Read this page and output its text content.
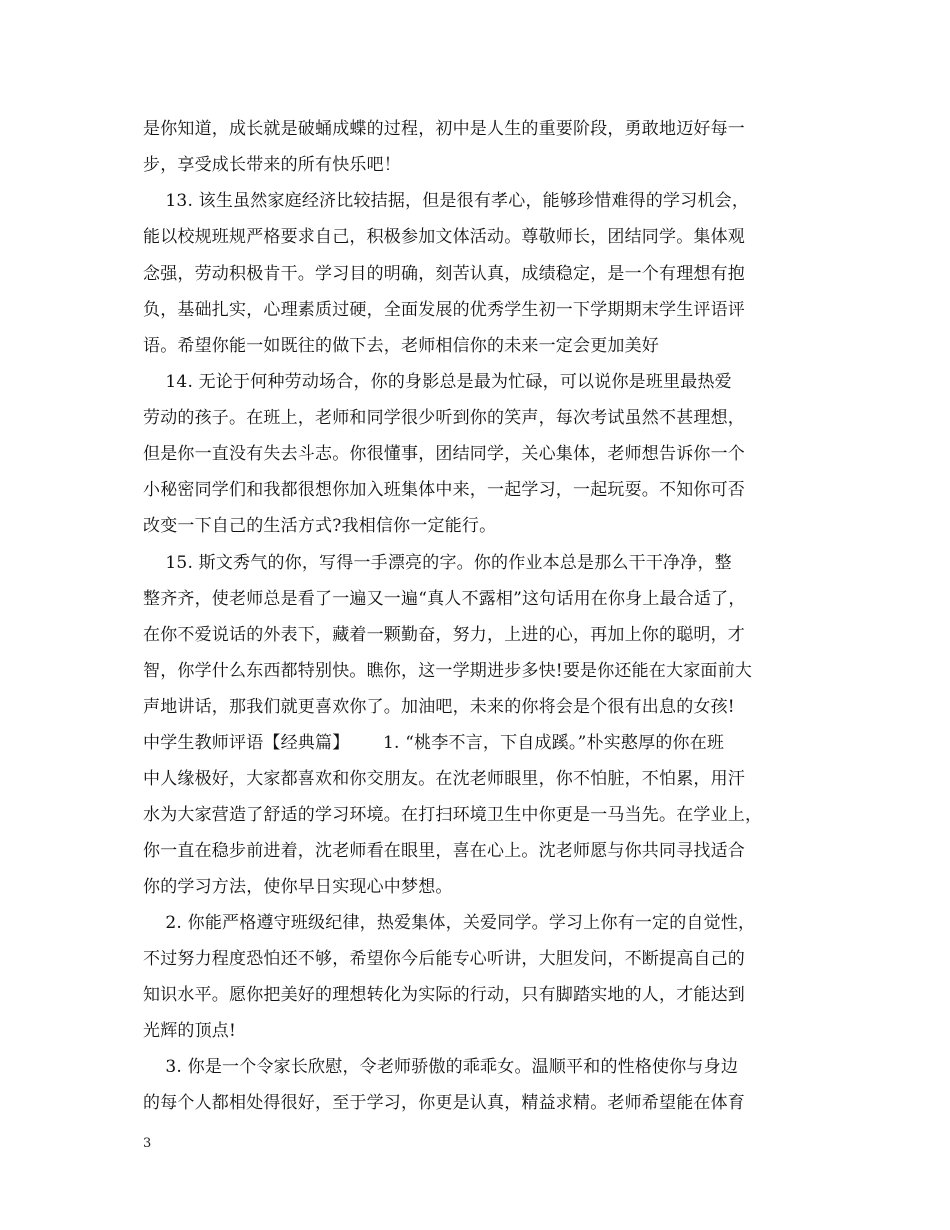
是你知道，成长就是破蛹成蝶的过程，初中是人生的重要阶段，勇敢地迈好每一
步，享受成长带来的所有快乐吧！
13. 该生虽然家庭经济比较拮据，但是很有孝心，能够珍惜难得的学习机会，
能以校规班规严格要求自己，积极参加文体活动。尊敬师长，团结同学。集体观
念强，劳动积极肯干。学习目的明确，刻苦认真，成绩稳定，是一个有理想有抱
负，基础扎实，心理素质过硬，全面发展的优秀学生初一下学期期末学生评语评
语。希望你能一如既往的做下去，老师相信你的未来一定会更加美好
14. 无论于何种劳动场合，你的身影总是最为忙碌，可以说你是班里最热爱
劳动的孩子。在班上，老师和同学很少听到你的笑声，每次考试虽然不甚理想，
但是你一直没有失去斗志。你很懂事，团结同学，关心集体，老师想告诉你一个
小秘密同学们和我都很想你加入班集体中来，一起学习，一起玩耍。不知你可否
改变一下自己的生活方式?我相信你一定能行。
15. 斯文秀气的你，写得一手漂亮的字。你的作业本总是那么干干净净，整
整齐齐，使老师总是看了一遍又一遍“真人不露相”这句话用在你身上最合适了，
在你不爱说话的外表下，藏着一颗勤奋，努力，上进的心，再加上你的聪明，才
智，你学什么东西都特别快。瞧你，这一学期进步多快!要是你还能在大家面前大
声地讲话，那我们就更喜欢你了。加油吧，未来的你将会是个很有出息的女孩!
中学生教师评语【经典篇】      1. “桃李不言，下自成蹊。”朴实憨厚的你在班
中人缘极好，大家都喜欢和你交朋友。在沈老师眼里，你不怕脏，不怕累，用汗
水为大家营造了舒适的学习环境。在打扫环境卫生中你更是一马当先。在学业上，
你一直在稳步前进着，沈老师看在眼里，喜在心上。沈老师愿与你共同寻找适合
你的学习方法，使你早日实现心中梦想。
2. 你能严格遵守班级纪律，热爱集体，关爱同学。学习上你有一定的自觉性，
不过努力程度恐怕还不够，希望你今后能专心听讲，大胆发问，不断提高自己的
知识水平。愿你把美好的理想转化为实际的行动，只有脚踏实地的人，才能达到
光辉的顶点!
3. 你是一个令家长欣慰，令老师骄傲的乖乖女。温顺平和的性格使你与身边
的每个人都相处得很好，至于学习，你更是认真，精益求精。老师希望能在体育
3
